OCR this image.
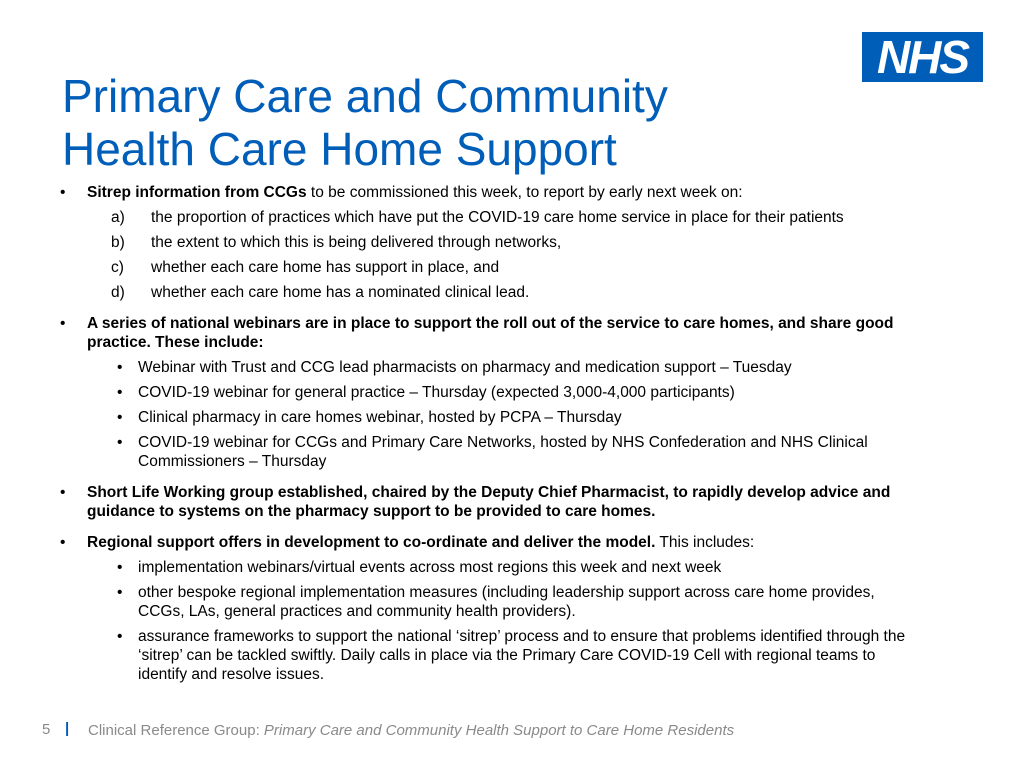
NHS
Primary Care and Community
Health Care Home Support
• Sitrep information from CCGs to be commissioned this week, to report by early next week on:
a) the proportion of practices which have put the COVID-19 care home service in place for their patients
b) the extent to which this is being delivered through networks,
c) whether each care home has support in place, and
d) whether each care home has a nominated clinical lead.
• A series of national webinars are in place to support the roll out of the service to care homes, and share good practice. These include:
• Webinar with Trust and CCG lead pharmacists on pharmacy and medication support – Tuesday
• COVID-19 webinar for general practice – Thursday (expected 3,000-4,000 participants)
• Clinical pharmacy in care homes webinar, hosted by PCPA – Thursday
• COVID-19 webinar for CCGs and Primary Care Networks, hosted by NHS Confederation and NHS Clinical Commissioners – Thursday
• Short Life Working group established, chaired by the Deputy Chief Pharmacist, to rapidly develop advice and guidance to systems on the pharmacy support to be provided to care homes.
• Regional support offers in development to co-ordinate and deliver the model. This includes:
• implementation webinars/virtual events across most regions this week and next week
• other bespoke regional implementation measures (including leadership support across care home provides, CCGs, LAs, general practices and community health providers).
• assurance frameworks to support the national ‘sitrep’ process and to ensure that problems identified through the ‘sitrep’ can be tackled swiftly. Daily calls in place via the Primary Care COVID-19 Cell with regional teams to identify and resolve issues.
5 | Clinical Reference Group: Primary Care and Community Health Support to Care Home Residents
